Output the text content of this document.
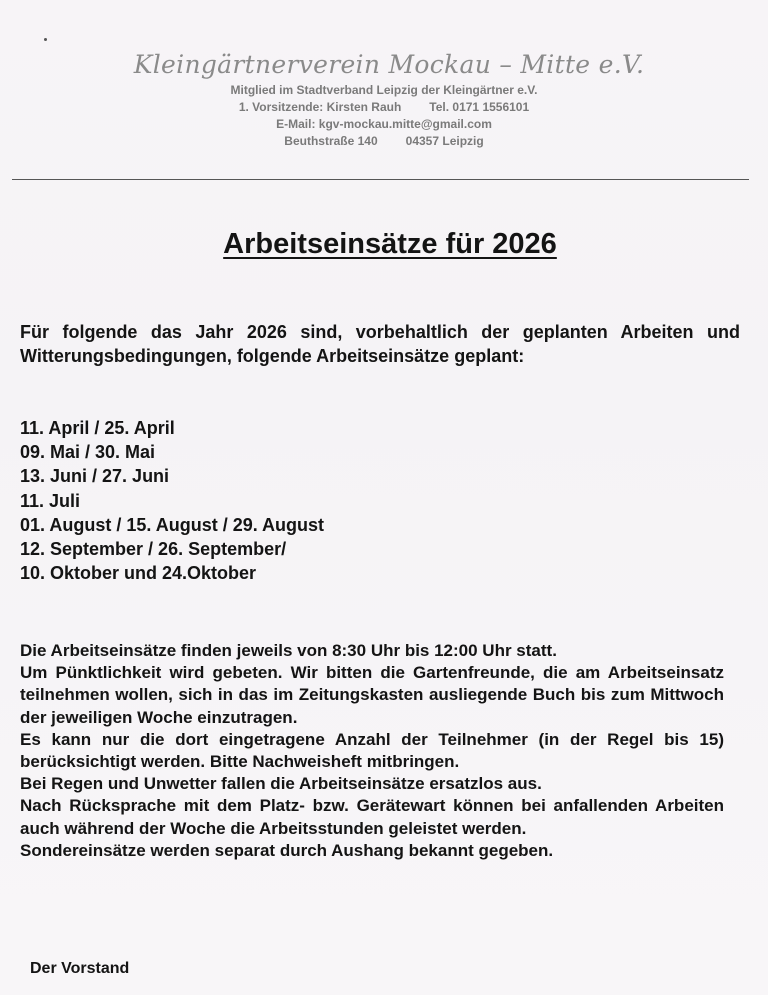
Kleingärtnerverein Mockau – Mitte e.V.
Mitglied im Stadtverband Leipzig der Kleingärtner e.V.
1. Vorsitzende: Kirsten Rauh Tel. 0171 1556101
E-Mail: kgv-mockau.mitte@gmail.com
Beuthstraße 140 04357 Leipzig
Arbeitseinsätze für 2026
Für folgende das Jahr 2026 sind, vorbehaltlich der geplanten Arbeiten und Witterungsbedingungen, folgende Arbeitseinsätze geplant:
11. April / 25. April
09. Mai / 30. Mai
13. Juni / 27. Juni
11. Juli
01. August / 15. August / 29. August
12. September / 26. September/
10. Oktober und 24.Oktober
Die Arbeitseinsätze finden jeweils von 8:30 Uhr bis 12:00 Uhr statt.
Um Pünktlichkeit wird gebeten. Wir bitten die Gartenfreunde, die am Arbeitseinsatz teilnehmen wollen, sich in das im Zeitungskasten ausliegende Buch bis zum Mittwoch der jeweiligen Woche einzutragen.
Es kann nur die dort eingetragene Anzahl der Teilnehmer (in der Regel bis 15) berücksichtigt werden. Bitte Nachweisheft mitbringen.
Bei Regen und Unwetter fallen die Arbeitseinsätze ersatzlos aus.
Nach Rücksprache mit dem Platz- bzw. Gerätewart können bei anfallenden Arbeiten auch während der Woche die Arbeitsstunden geleistet werden.
Sondereinsätze werden separat durch Aushang bekannt gegeben.
Der Vorstand
